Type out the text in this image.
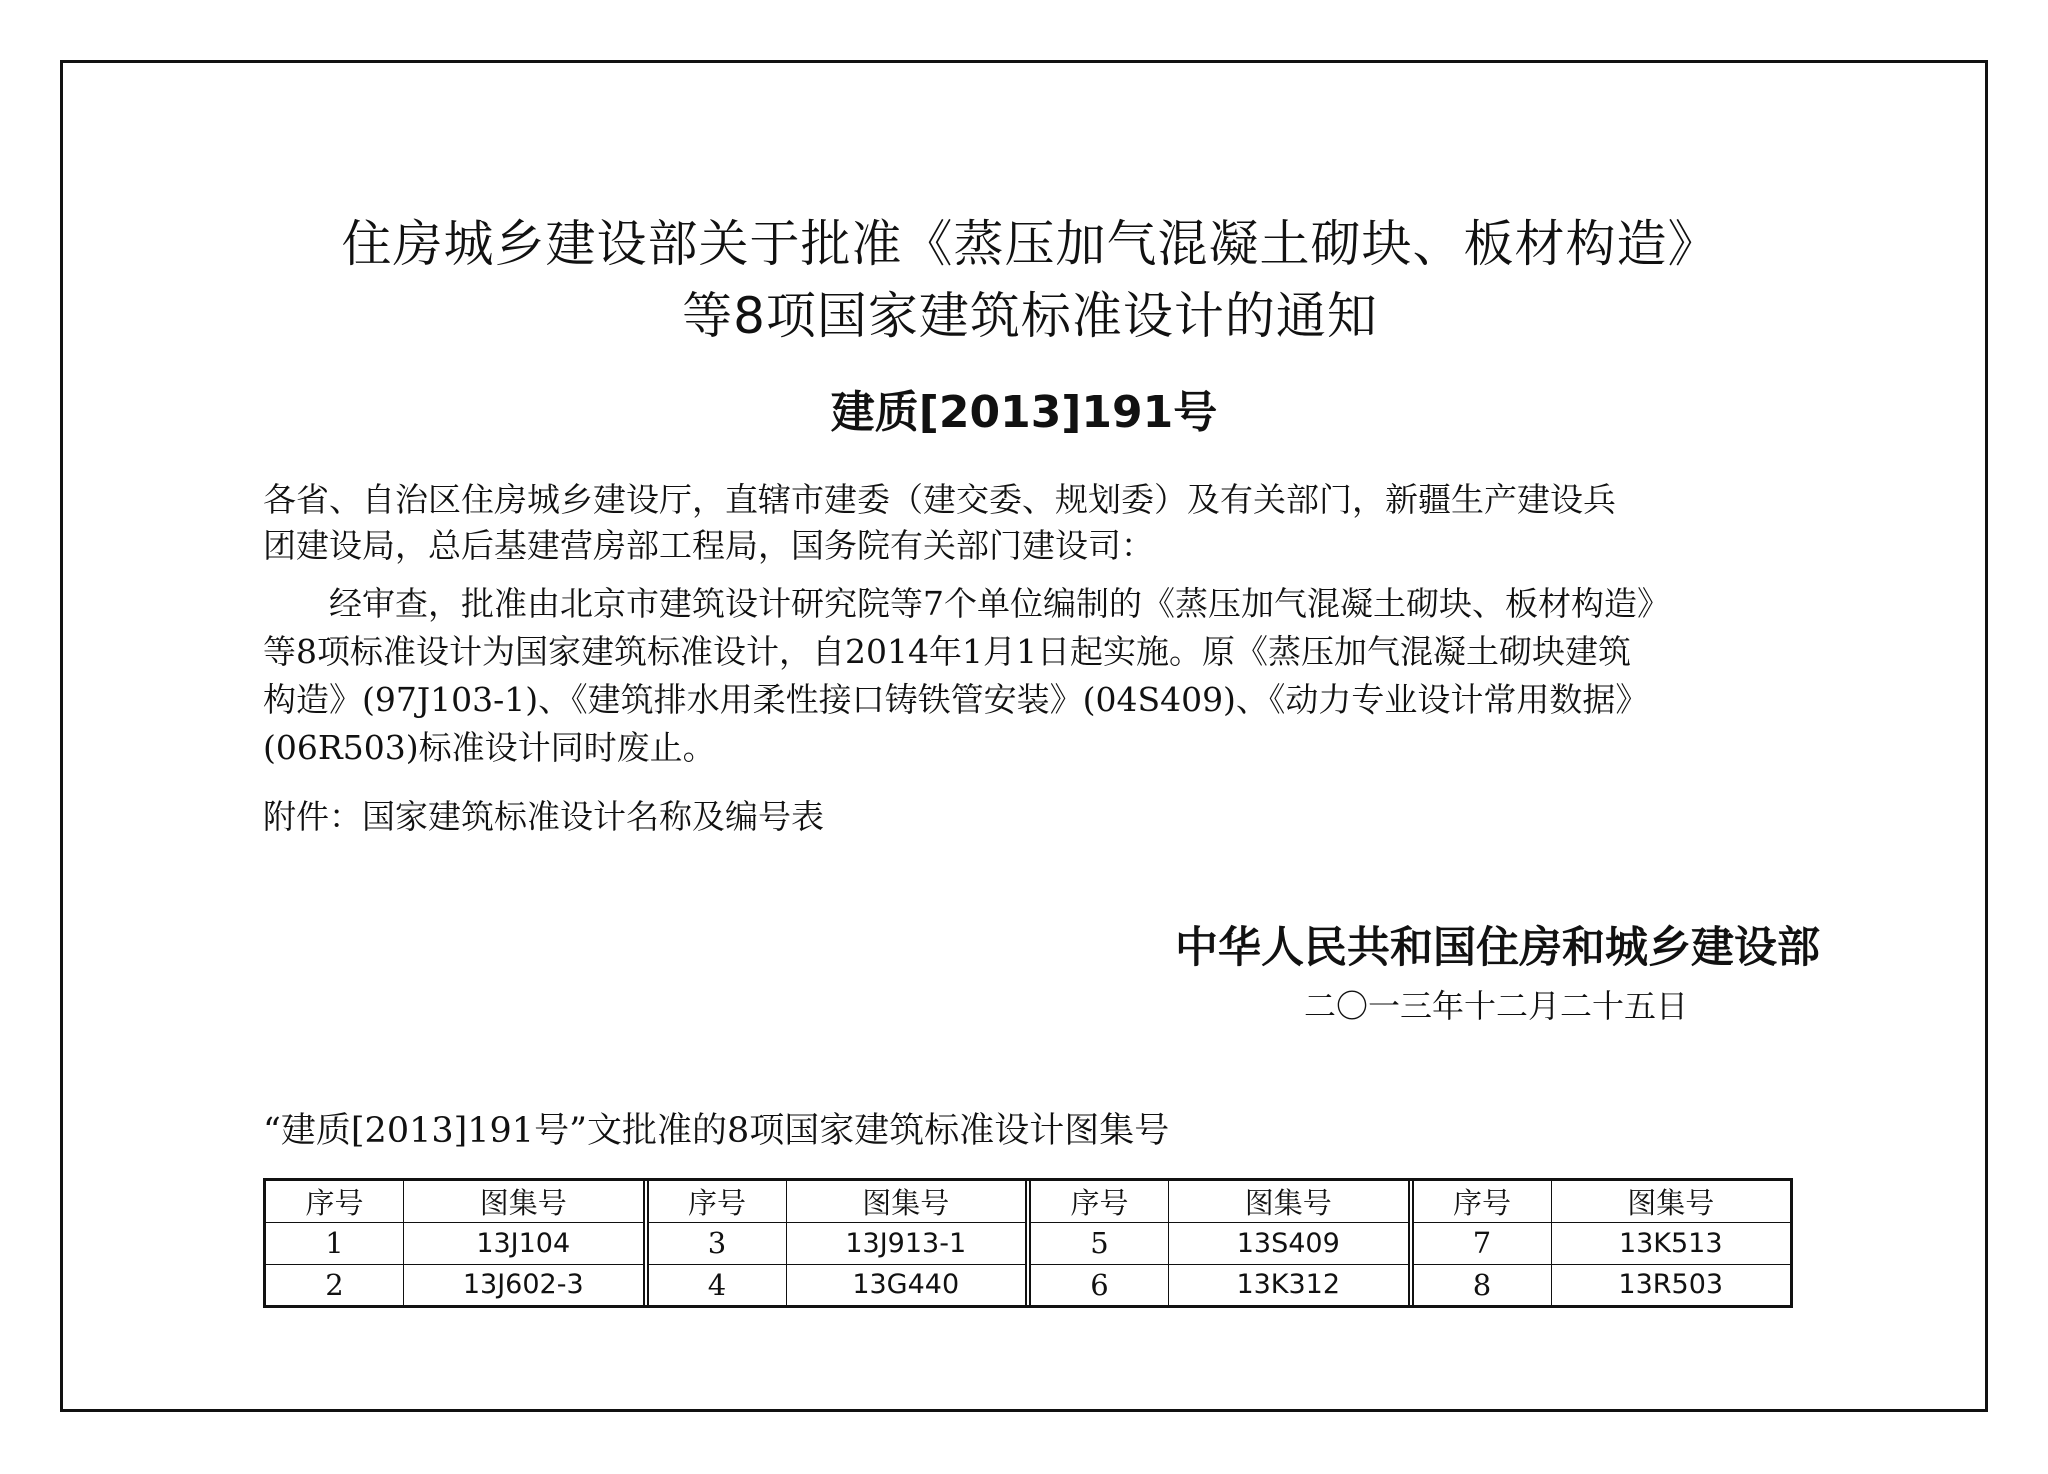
住房城乡建设部关于批准《蒸压加气混凝土砌块、板材构造》
等8项国家建筑标准设计的通知
建质[2013]191号
各省、自治区住房城乡建设厅，直辖市建委（建交委、规划委）及有关部门，新疆生产建设兵
团建设局，总后基建营房部工程局，国务院有关部门建设司：
　　经审查，批准由北京市建筑设计研究院等7个单位编制的《蒸压加气混凝土砌块、板材构造》
等8项标准设计为国家建筑标准设计，自2014年1月1日起实施。原《蒸压加气混凝土砌块建筑
构造》(97J103-1)、《建筑排水用柔性接口铸铁管安装》(04S409)、《动力专业设计常用数据》
(06R503)标准设计同时废止。
附件：国家建筑标准设计名称及编号表
中华人民共和国住房和城乡建设部
二〇一三年十二月二十五日
“建质[2013]191号”文批准的8项国家建筑标准设计图集号
序号
1
2
图集号
13J104
13J602-3
序号
3
4
图集号
13J913-1
13G440
序号
5
6
图集号
13S409
13K312
序号
7
8
图集号
13K513
13R503
